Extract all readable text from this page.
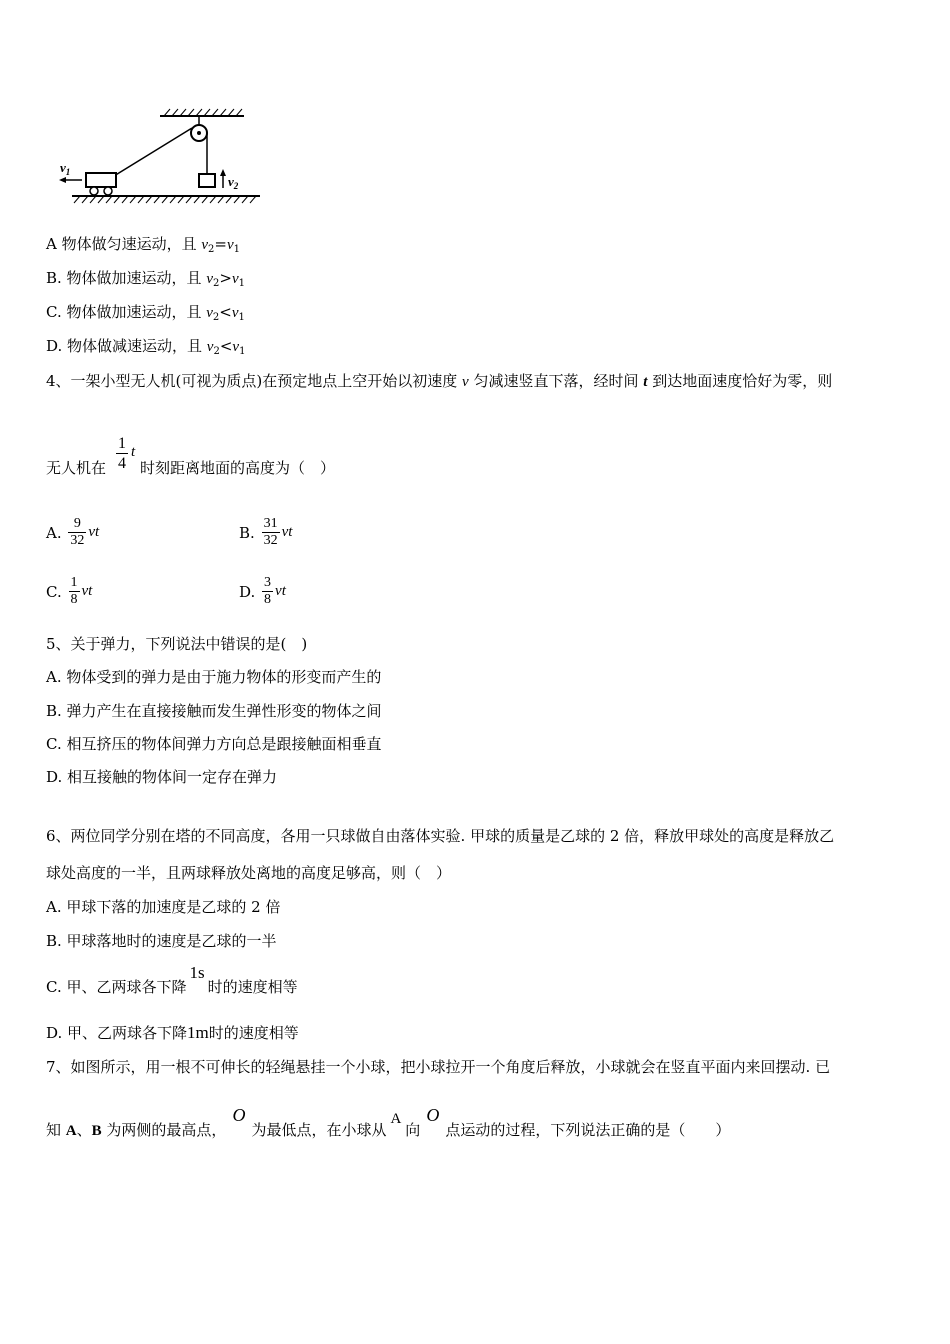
$v_2$
$v_1$
A 物体做匀速运动，且 $v_2=v_1$
B. 物体做加速运动，且 $v_2>v_1$
C. 物体做加速运动，且 $v_2<v_1$
D. 物体做减速运动，且 $v_2<v_1$
4、一架小型无人机(可视为质点)在预定地点上空开始以初速度 v 匀减速竖直下落，经时间 t 到达地面速度恰好为零，则
无人机在 $\frac{1}{4}$ t
时刻距离地面的高度为（　）
A. $\frac{9}{32}$ vt	B. $\frac{31}{32}$ vt
C. $\frac{1}{8}$ vt	D. $\frac{3}{8}$ vt
5、关于弹力，下列说法中错误的是(　)
A. 物体受到的弹力是由于施力物体的形变而产生的
B. 弹力产生在直接接触而发生弹性形变的物体之间
C. 相互挤压的物体间弹力方向总是跟接触面相垂直
D. 相互接触的物体间一定存在弹力
6、两位同学分别在塔的不同高度，各用一只球做自由落体实验. 甲球的质量是乙球的 2 倍，释放甲球处的高度是释放乙
球处高度的一半，且两球释放处离地的高度足够高，则（　）
A. 甲球下落的加速度是乙球的 2 倍
B. 甲球落地时的速度是乙球的一半
C. 甲、乙两球各下降1s时的速度相等
D. 甲、乙两球各下降1m时的速度相等
7、如图所示，用一根不可伸长的轻绳悬挂一个小球，把小球拉开一个角度后释放，小球就会在竖直平面内来回摆动. 已
知 A、B 为两侧的最高点，O为最低点，在小球从A向O点运动的过程，下列说法正确的是（　　）
